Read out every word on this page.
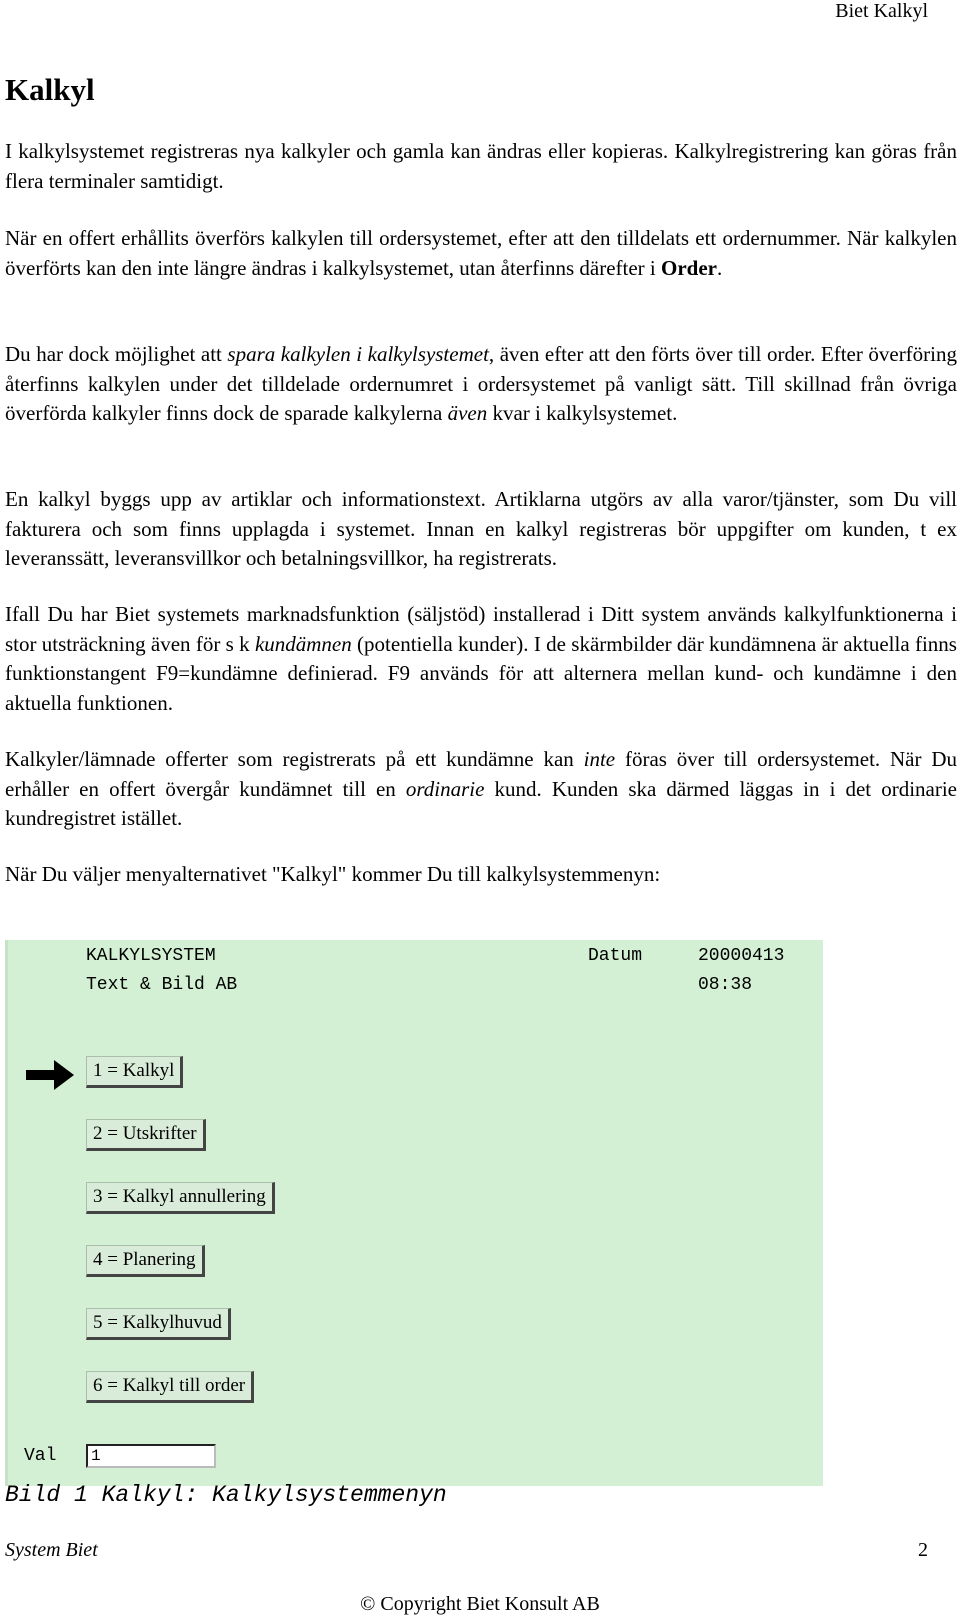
Biet Kalkyl
Kalkyl

I kalkylsystemet registreras nya kalkyler och gamla kan ändras eller kopieras. Kalkylregistrering kan göras från flera terminaler samtidigt.

När en offert erhållits överförs kalkylen till ordersystemet, efter att den tilldelats ett ordernummer. När kalkylen överförts kan den inte längre ändras i kalkylsystemet, utan återfinns därefter i Order.

Du har dock möjlighet att spara kalkylen i kalkylsystemet, även efter att den förts över till order. Efter överföring återfinns kalkylen under det tilldelade ordernumret i ordersystemet på vanligt sätt. Till skillnad från övriga överförda kalkyler finns dock de sparade kalkylerna även kvar i kalkylsystemet.

En kalkyl byggs upp av artiklar och informationstext. Artiklarna utgörs av alla varor/tjänster, som Du vill fakturera och som finns upplagda i systemet. Innan en kalkyl registreras bör uppgifter om kunden, t ex leveranssätt, leveransvillkor och betalningsvillkor, ha registrerats.

Ifall Du har Biet systemets marknadsfunktion (säljstöd) installerad i Ditt system används kalkylfunktionerna i stor utsträckning även för s k kundämnen (potentiella kunder). I de skärmbilder där kundämnena är aktuella finns funktionstangent F9=kundämne definierad. F9 används för att alternera mellan kund- och kundämne i den aktuella funktionen.

Kalkyler/lämnade offerter som registrerats på ett kundämne kan inte föras över till ordersystemet. När Du erhåller en offert övergår kundämnet till en ordinarie kund. Kunden ska därmed läggas in i det ordinarie kundregistret istället.

När Du väljer menyalternativet "Kalkyl" kommer Du till kalkylsystemmenyn:

KALKYLSYSTEM
Text & Bild AB
Datum	20000413
08:38
1 = Kalkyl
2 = Utskrifter
3 = Kalkyl annullering
4 = Planering
5 = Kalkylhuvud
6 = Kalkyl till order
Val
1
Bild 1 Kalkyl: Kalkylsystemmenyn
System Biet	2
© Copyright Biet Konsult AB
